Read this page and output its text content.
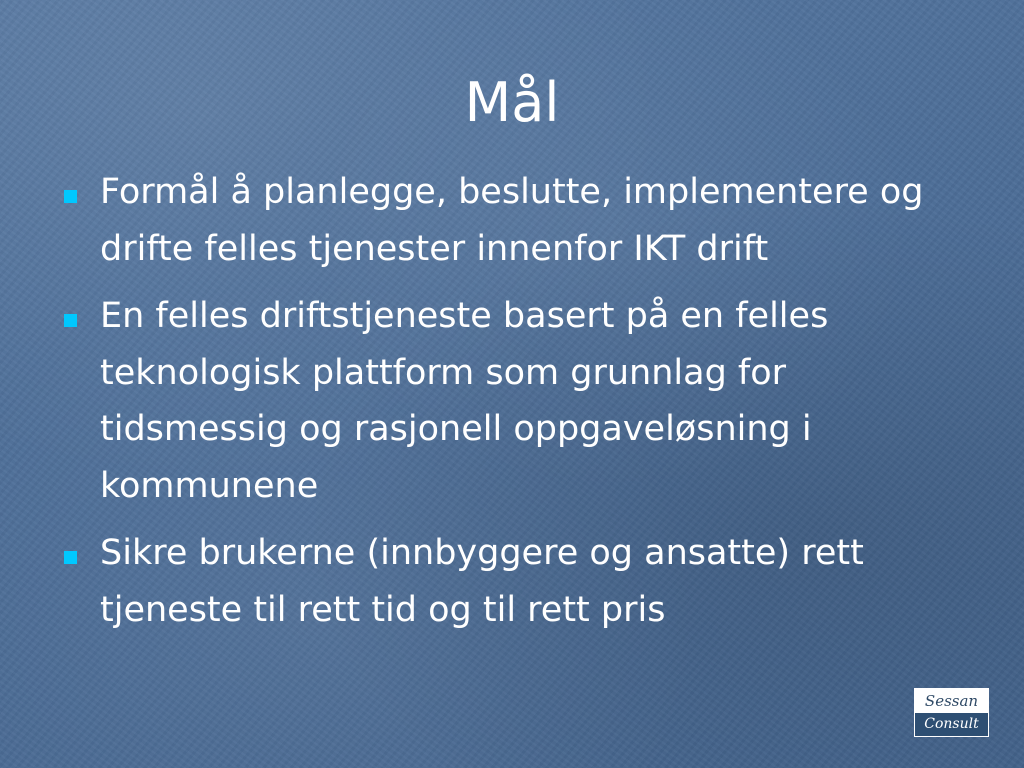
Mål
Formål å planlegge, beslutte, implementere og drifte felles tjenester innenfor IKT drift
En felles driftstjeneste basert på en felles teknologisk plattform som grunnlag for tidsmessig og rasjonell oppgaveløsning i kommunene
Sikre brukerne (innbyggere og ansatte) rett tjeneste til rett tid og til rett pris
Sessan
Consult
